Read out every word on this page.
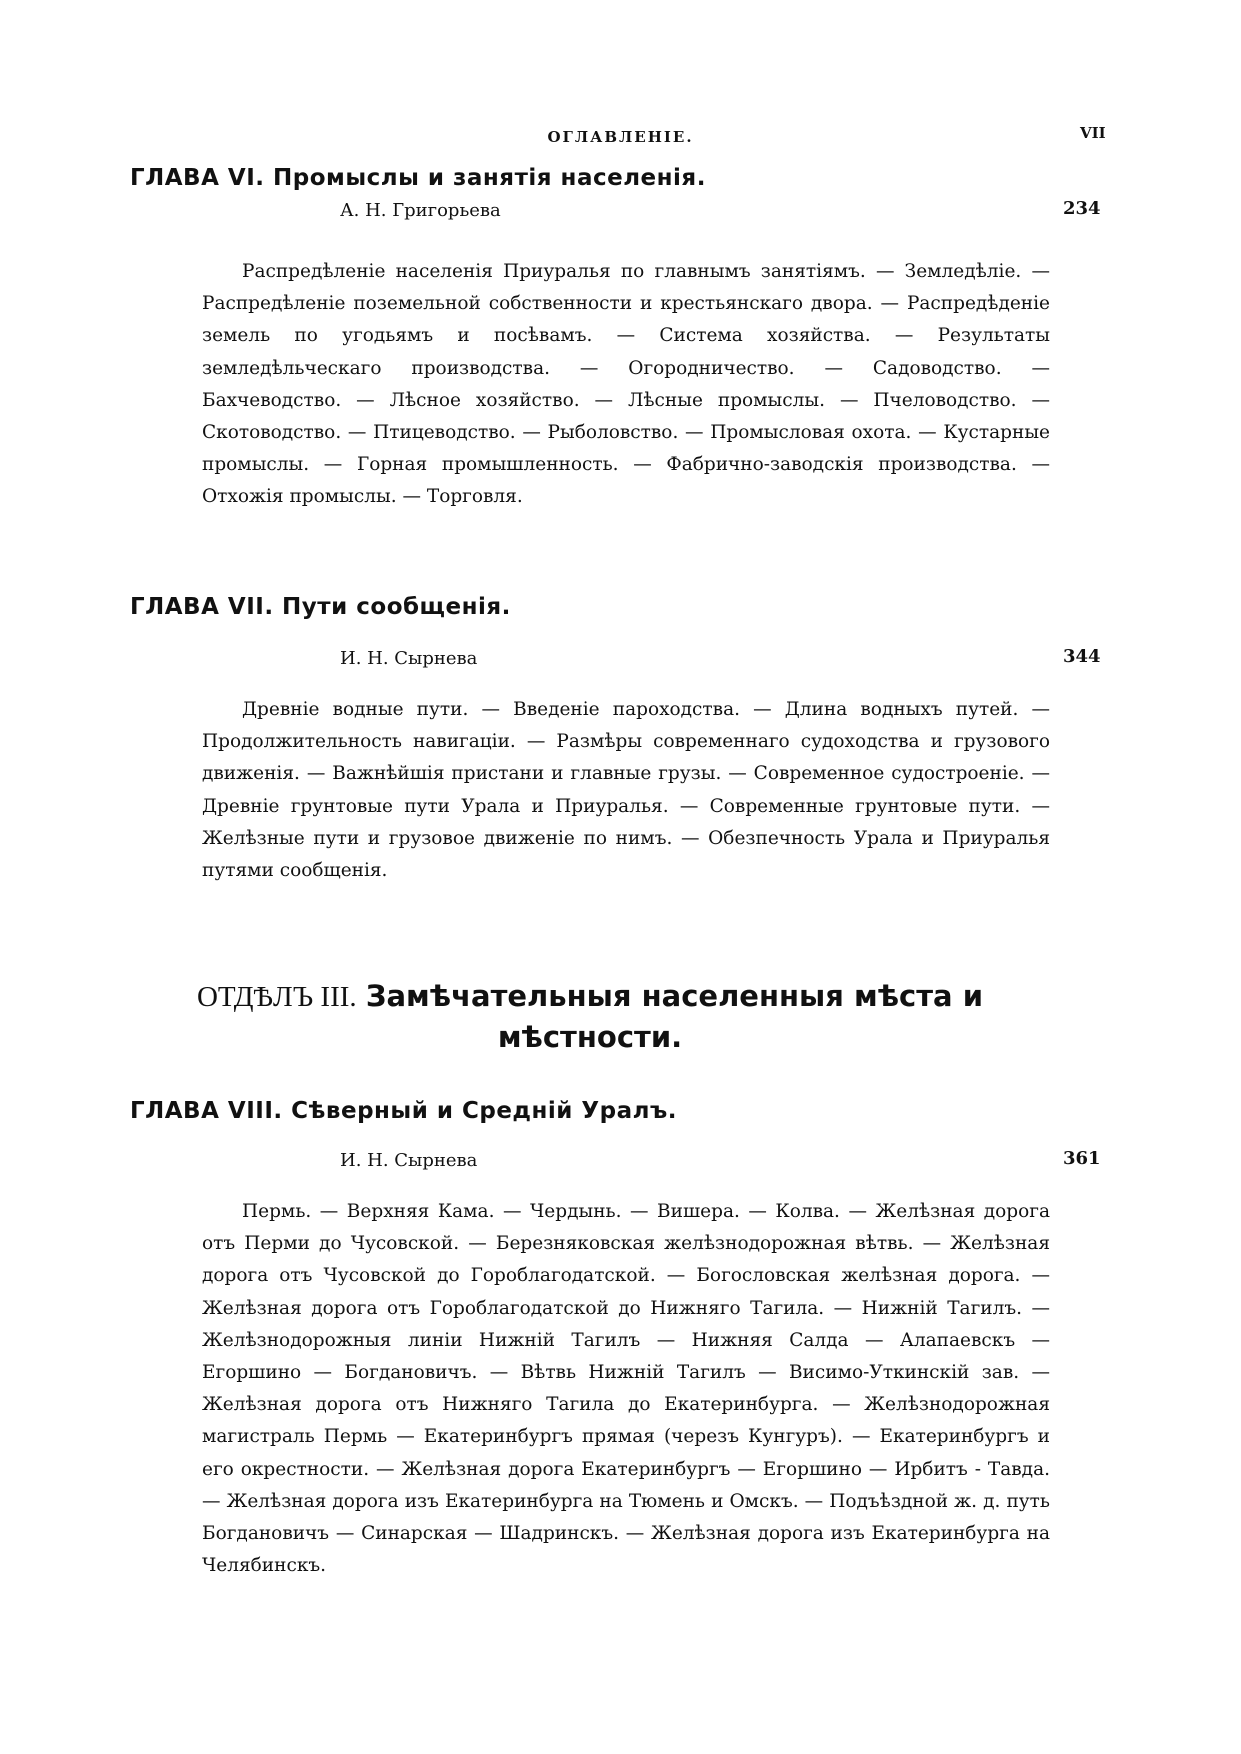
ОГЛАВЛЕНІЕ.	VII
ГЛАВА VI. Промыслы и занятія населенія.
А. Н. Григорьева	234

Распредѣленіе населенія Приуралья по главнымъ занятіямъ. — Земледѣліе. — Распредѣленіе поземельной собственности и крестьянскаго двора. — Распредѣденіе земель по угодьямъ и посѣвамъ. — Система хозяйства. — Результаты земледѣльческаго производства. — Огородничество. — Садоводство. — Бахчеводство. — Лѣсное хозяйство. — Лѣсные промыслы. — Пчеловодство. — Скотоводство. — Птицеводство. — Рыболовство. — Промысловая охота. — Кустарные промыслы. — Горная промышленность. — Фабрично-заводскія производства. — Отхожія промыслы. — Торговля.

ГЛАВА VII. Пути сообщенія.
И. Н. Сырнева	344

Древніе водные пути. — Введеніе пароходства. — Длина водныхъ путей. — Продолжительность навигаціи. — Размѣры современнаго судоходства и грузового движенія. — Важнѣйшія пристани и главные грузы. — Современное судостроеніе. — Древніе грунтовые пути Урала и Приуралья. — Современные грунтовые пути. — Желѣзные пути и грузовое движеніе по нимъ. — Обезпечность Урала и Приуралья путями сообщенія.

ОТДѢЛЪ III. Замѣчательныя населенныя мѣста и мѣстности.

ГЛАВА VIII. Сѣверный и Средній Уралъ.
И. Н. Сырнева	361

Пермь. — Верхняя Кама. — Чердынь. — Вишера. — Колва. — Желѣзная дорога отъ Перми до Чусовской. — Березняковская желѣзнодорожная вѣтвь. — Желѣзная дорога отъ Чусовской до Гороблагодатской. — Богословская желѣзная дорога. — Желѣзная дорога отъ Гороблагодатской до Нижняго Тагила. — Нижній Тагилъ. — Желѣзнодорожныя линіи Нижній Тагилъ — Нижняя Салда — Алапаевскъ — Егоршино — Богдановичъ. — Вѣтвь Нижній Тагилъ — Висимо-Уткинскій зав. — Желѣзная дорога отъ Нижняго Тагила до Екатеринбурга. — Желѣзнодорожная магистраль Пермь — Екатеринбургъ прямая (черезъ Кунгуръ). — Екатеринбургъ и его окрестности. — Желѣзная дорога Екатеринбургъ — Егоршино — Ирбитъ - Тавда. — Желѣзная дорога изъ Екатеринбурга на Тюмень и Омскъ. — Подъѣздной ж. д. путь Богдановичъ — Синарская — Шадринскъ. — Желѣзная дорога изъ Екатеринбурга на Челябинскъ.
